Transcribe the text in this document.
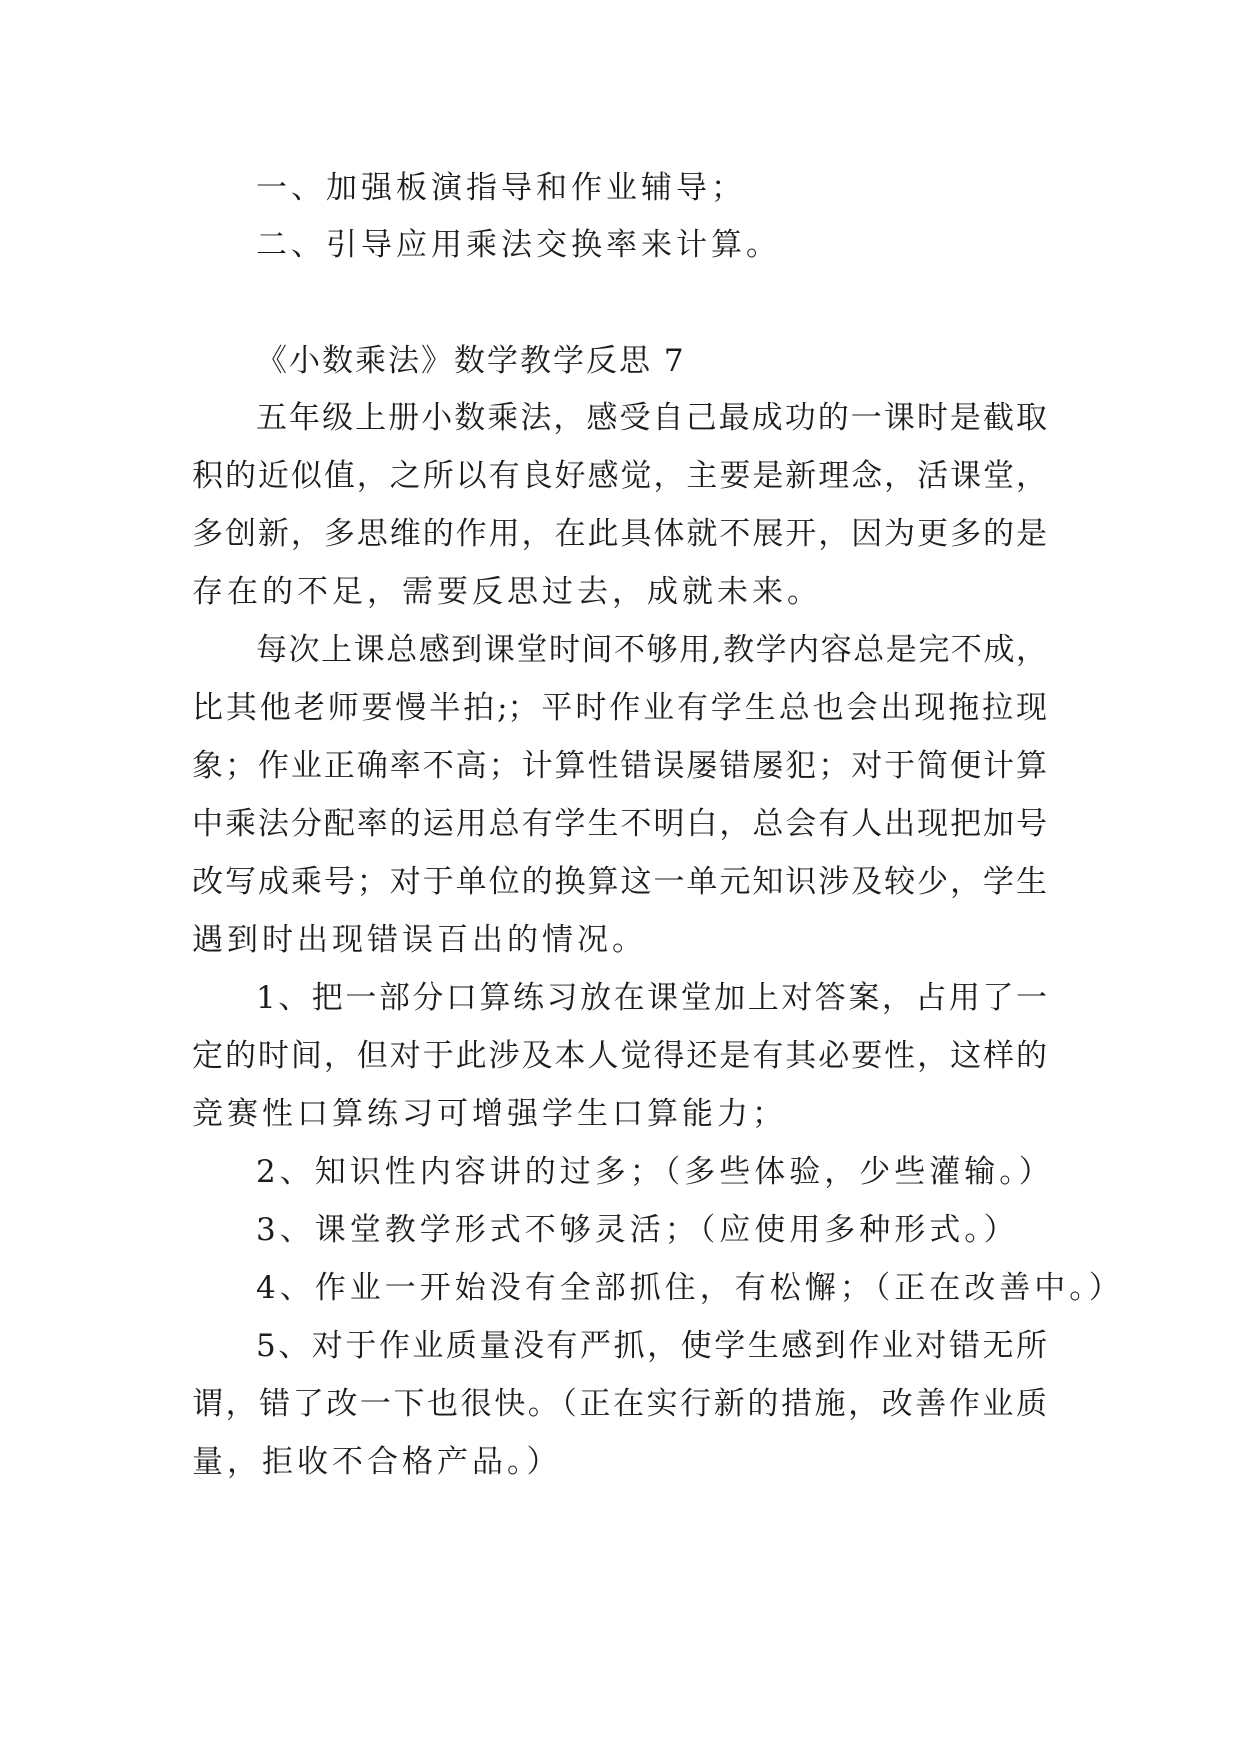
一、加强板演指导和作业辅导；

二、引导应用乘法交换率来计算。

《小数乘法》数学教学反思 7

五年级上册小数乘法，感受自己最成功的一课时是截取

积的近似值，之所以有良好感觉，主要是新理念，活课堂，

多创新，多思维的作用，在此具体就不展开，因为更多的是

存在的不足，需要反思过去，成就未来。

每次上课总感到课堂时间不够用,教学内容总是完不成，

比其他老师要慢半拍;；平时作业有学生总也会出现拖拉现

象；作业正确率不高；计算性错误屡错屡犯；对于简便计算

中乘法分配率的运用总有学生不明白，总会有人出现把加号

改写成乘号；对于单位的换算这一单元知识涉及较少，学生

遇到时出现错误百出的情况。

1、把一部分口算练习放在课堂加上对答案，占用了一

定的时间，但对于此涉及本人觉得还是有其必要性，这样的

竞赛性口算练习可增强学生口算能力；

2、知识性内容讲的过多；（多些体验，少些灌输。）

3、课堂教学形式不够灵活；（应使用多种形式。）

4、作业一开始没有全部抓住，有松懈；（正在改善中。）

5、对于作业质量没有严抓，使学生感到作业对错无所

谓，错了改一下也很快。（正在实行新的措施，改善作业质

量，拒收不合格产品。）
